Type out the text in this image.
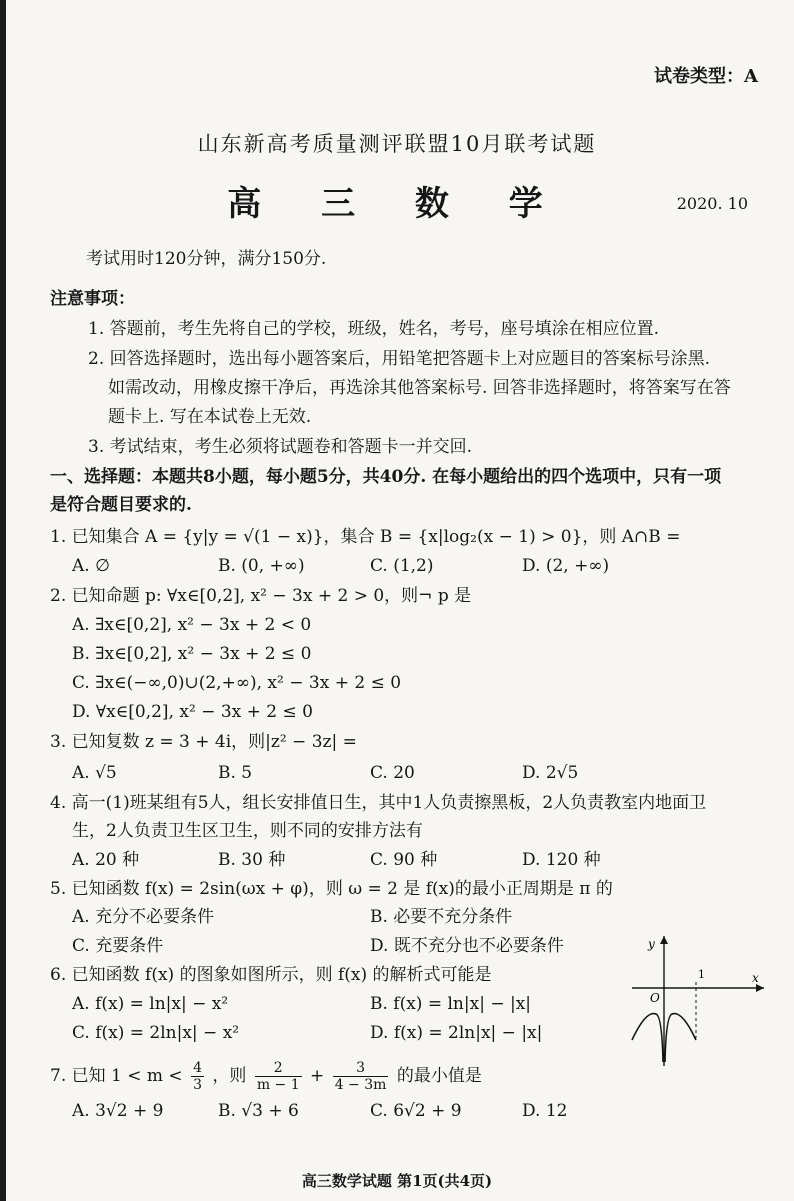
试卷类型：A
山东新高考质量测评联盟10月联考试题
高 三 数 学	2020. 10
考试用时120分钟，满分150分.
注意事项：
1. 答题前，考生先将自己的学校，班级，姓名，考号，座号填涂在相应位置.
2. 回答选择题时，选出每小题答案后，用铅笔把答题卡上对应题目的答案标号涂黑.
如需改动，用橡皮擦干净后，再选涂其他答案标号. 回答非选择题时，将答案写在答
题卡上. 写在本试卷上无效.
3. 考试结束，考生必须将试题卷和答题卡一并交回.
一、选择题：本题共8小题，每小题5分，共40分. 在每小题给出的四个选项中，只有一项
是符合题目要求的.
1. 已知集合 A = {y|y = √(1 − x)}，集合 B = {x|log₂(x − 1) > 0}，则 A∩B =
A. ∅	B. (0, +∞)	C. (1,2)	D. (2, +∞)
2. 已知命题 p: ∀x∈[0,2], x² − 3x + 2 > 0，则¬ p 是
A. ∃x∈[0,2], x² − 3x + 2 < 0
B. ∃x∈[0,2], x² − 3x + 2 ≤ 0
C. ∃x∈(−∞,0)∪(2,+∞), x² − 3x + 2 ≤ 0
D. ∀x∈[0,2], x² − 3x + 2 ≤ 0
3. 已知复数 z = 3 + 4i，则|z² − 3z| =
A. √5	B. 5	C. 20	D. 2√5
4. 高一(1)班某组有5人，组长安排值日生，其中1人负责擦黑板，2人负责教室内地面卫
生，2人负责卫生区卫生，则不同的安排方法有
A. 20 种	B. 30 种	C. 90 种	D. 120 种
5. 已知函数 f(x) = 2sin(ωx + φ)，则 ω = 2 是 f(x)的最小正周期是 π 的
A. 充分不必要条件	B. 必要不充分条件
C. 充要条件	D. 既不充分也不必要条件
6. 已知函数 f(x) 的图象如图所示，则 f(x) 的解析式可能是
A. f(x) = ln|x| − x²	B. f(x) = ln|x| − |x|
C. f(x) = 2ln|x| − x²	D. f(x) = 2ln|x| − |x|
y
x
O
1
7. 已知 $1 < m < \frac{4}{3}$ ，则 $\frac{2}{m - 1} + \frac{3}{4 - 3m}$ 的最小值是
A. 3√2 + 9	B. √3 + 6	C. 6√2 + 9	D. 12
高三数学试题 第1页(共4页)
